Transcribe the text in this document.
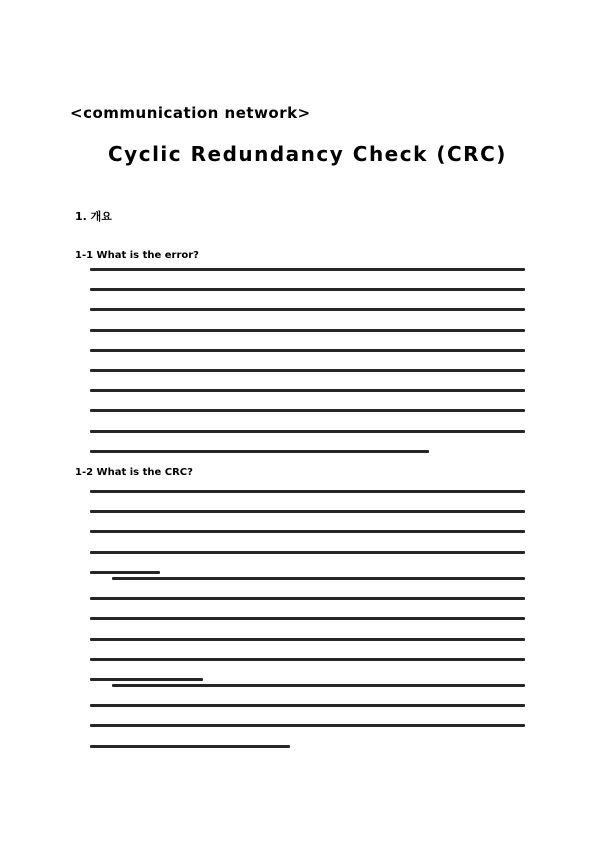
<communication network>
Cyclic Redundancy Check (CRC)
1. 개요
1-1 What is the error?
1-2 What is the CRC?
